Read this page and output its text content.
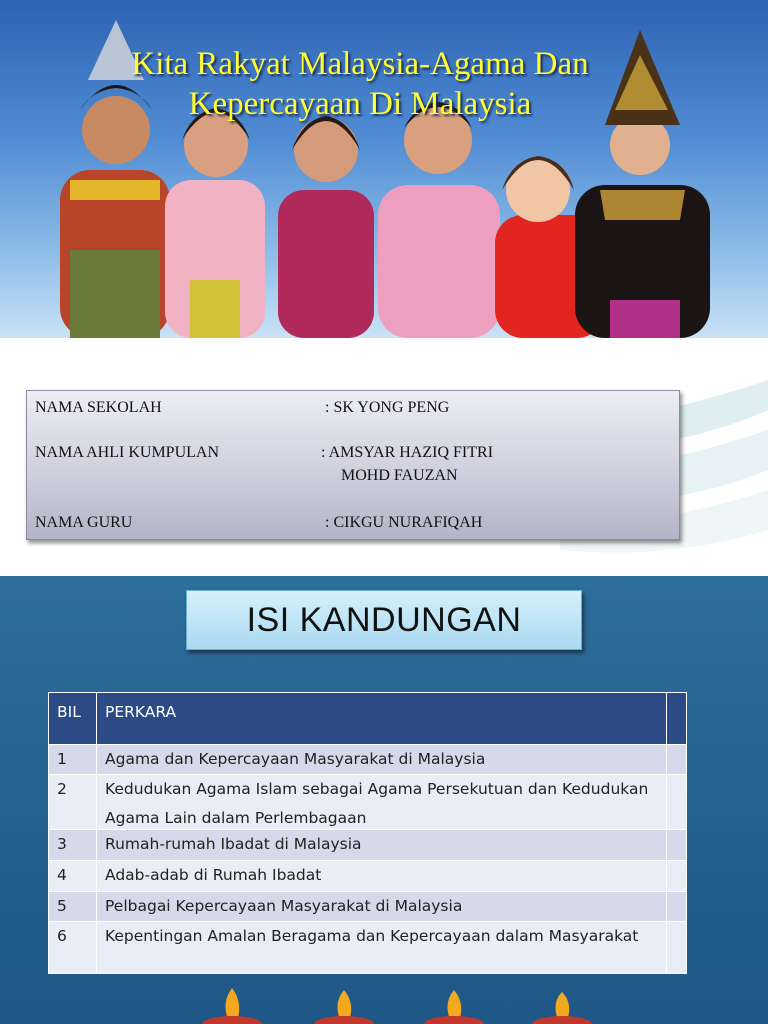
Kita Rakyat Malaysia-Agama Dan
Kepercayaan Di Malaysia
NAMA SEKOLAH	: SK YONG PENG
NAMA AHLI KUMPULAN	: AMSYAR HAZIQ FITRI
MOHD FAUZAN
NAMA GURU	: CIKGU NURAFIQAH
ISI KANDUNGAN
BIL	PERKARA	
1	Agama dan Kepercayaan Masyarakat di Malaysia	
2	Kedudukan Agama Islam sebagai Agama Persekutuan dan Kedudukan Agama Lain dalam Perlembagaan	

3	Rumah-rumah Ibadat di Malaysia	
4	Adab-adab di Rumah Ibadat	
5	Pelbagai Kepercayaan Masyarakat di Malaysia	
6	Kepentingan Amalan Beragama dan Kepercayaan dalam Masyarakat	
